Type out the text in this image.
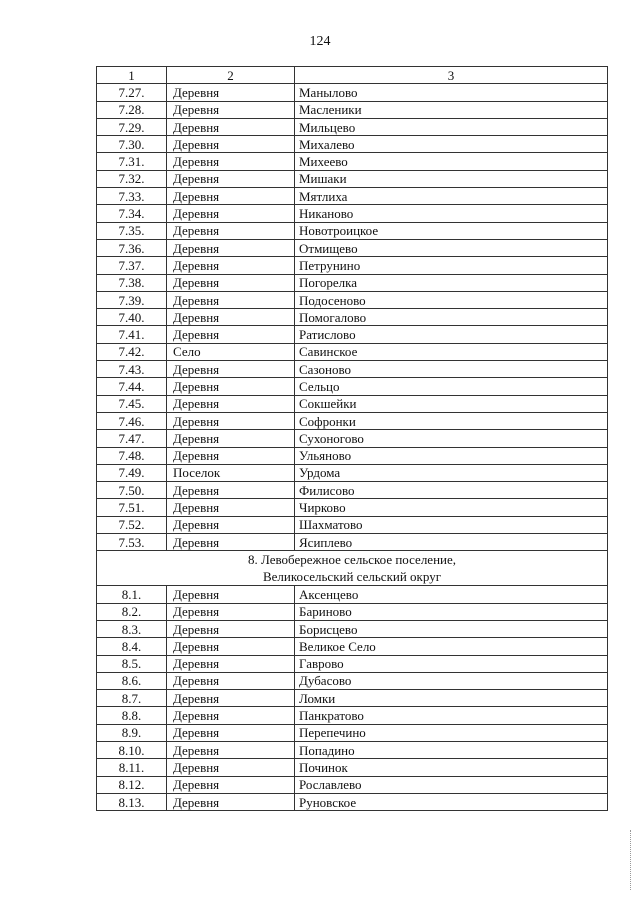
124
1	2	3
7.27.	Деревня	Манылово
7.28.	Деревня	Масленики
7.29.	Деревня	Мильцево
7.30.	Деревня	Михалево
7.31.	Деревня	Михеево
7.32.	Деревня	Мишаки
7.33.	Деревня	Мятлиха
7.34.	Деревня	Никаново
7.35.	Деревня	Новотроицкое
7.36.	Деревня	Отмищево
7.37.	Деревня	Петрунино
7.38.	Деревня	Погорелка
7.39.	Деревня	Подосеново
7.40.	Деревня	Помогалово
7.41.	Деревня	Ратислово
7.42.	Село	Савинское
7.43.	Деревня	Сазоново
7.44.	Деревня	Сельцо
7.45.	Деревня	Сокшейки
7.46.	Деревня	Софронки
7.47.	Деревня	Сухоногово
7.48.	Деревня	Ульяново
7.49.	Поселок	Урдома
7.50.	Деревня	Филисово
7.51.	Деревня	Чирково
7.52.	Деревня	Шахматово
7.53.	Деревня	Ясиплево

8. Левобережное сельское поселение,
Великосельский сельский округ		

8.1.	Деревня	Аксенцево
8.2.	Деревня	Бариново
8.3.	Деревня	Борисцево
8.4.	Деревня	Великое Село
8.5.	Деревня	Гаврово
8.6.	Деревня	Дубасово
8.7.	Деревня	Ломки
8.8.	Деревня	Панкратово
8.9.	Деревня	Перепечино
8.10.	Деревня	Попадино
8.11.	Деревня	Починок
8.12.	Деревня	Рославлево
8.13.	Деревня	Руновское
